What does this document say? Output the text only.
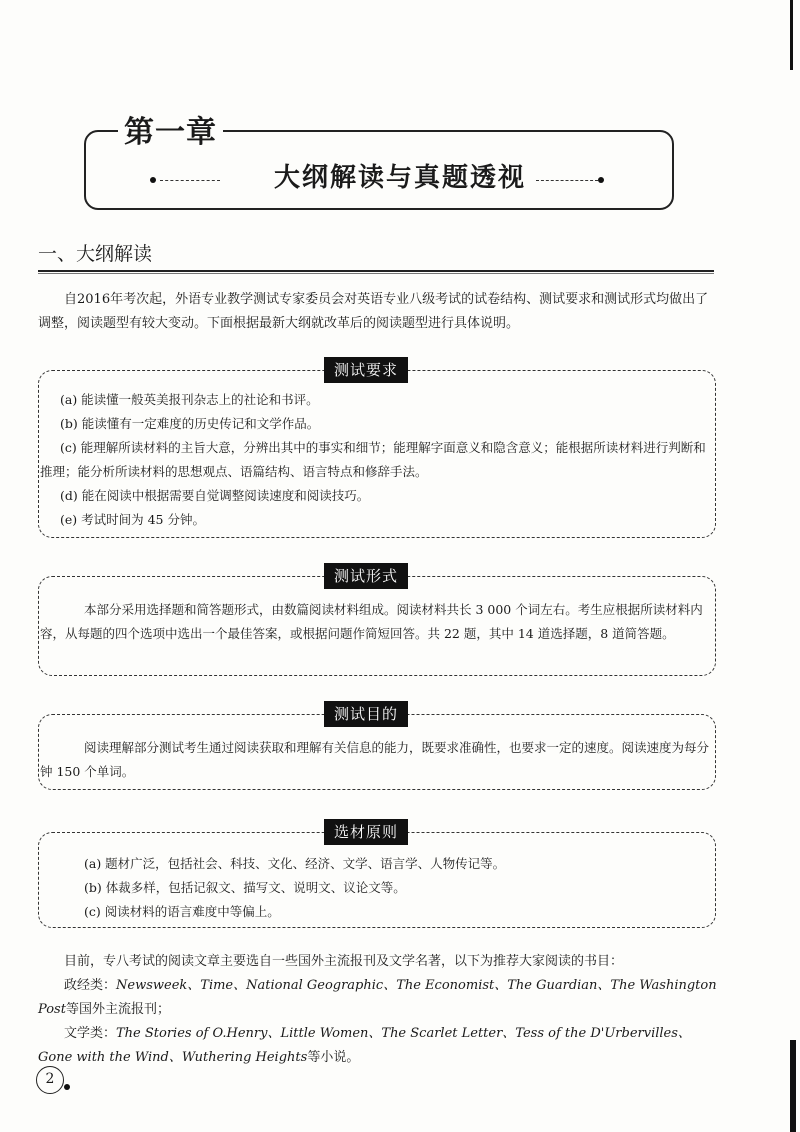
第一章
大纲解读与真题透视
一、大纲解读

自2016年考次起，外语专业教学测试专家委员会对英语专业八级考试的试卷结构、测试要求和测试形式均做出了调整，阅读题型有较大变动。下面根据最新大纲就改革后的阅读题型进行具体说明。

测试要求

(a) 能读懂一般英美报刊杂志上的社论和书评。

(b) 能读懂有一定难度的历史传记和文学作品。

(c) 能理解所读材料的主旨大意，分辨出其中的事实和细节；能理解字面意义和隐含意义；能根据所读材料进行判断和推理；能分析所读材料的思想观点、语篇结构、语言特点和修辞手法。

(d) 能在阅读中根据需要自觉调整阅读速度和阅读技巧。

(e) 考试时间为 45 分钟。

测试形式

本部分采用选择题和简答题形式，由数篇阅读材料组成。阅读材料共长 3 000 个词左右。考生应根据所读材料内容，从每题的四个选项中选出一个最佳答案，或根据问题作简短回答。共 22 题，其中 14 道选择题，8 道简答题。

测试目的

阅读理解部分测试考生通过阅读获取和理解有关信息的能力，既要求准确性，也要求一定的速度。阅读速度为每分钟 150 个单词。

选材原则

(a) 题材广泛，包括社会、科技、文化、经济、文学、语言学、人物传记等。

(b) 体裁多样，包括记叙文、描写文、说明文、议论文等。

(c) 阅读材料的语言难度中等偏上。

目前，专八考试的阅读文章主要选自一些国外主流报刊及文学名著，以下为推荐大家阅读的书目：

政经类：Newsweek、Time、National Geographic、The Economist、The Guardian、The Washington Post等国外主流报刊；

文学类：The Stories of O.Henry、Little Women、The Scarlet Letter、Tess of the D'Urbervilles、Gone with the Wind、Wuthering Heights等小说。

2
